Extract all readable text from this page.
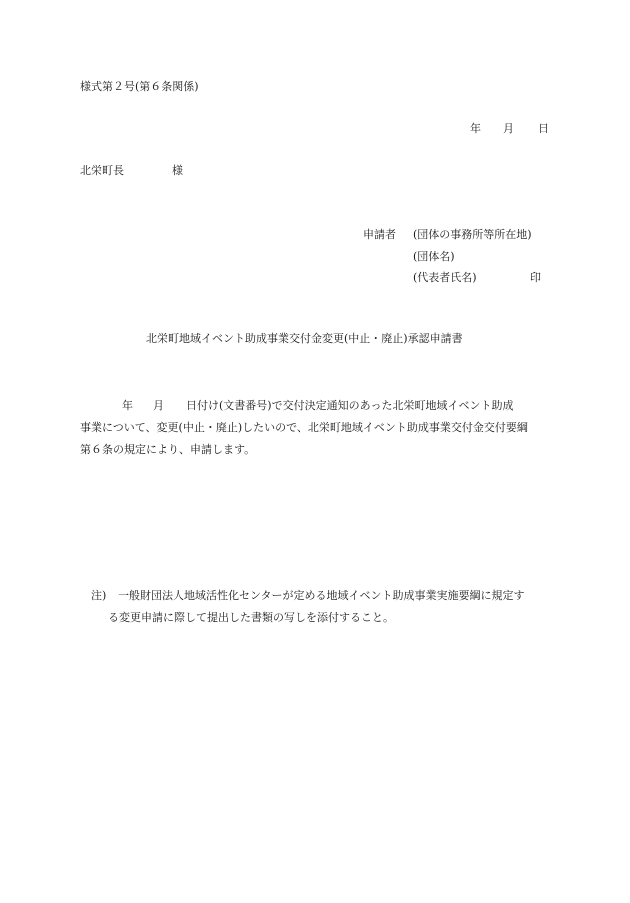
様式第２号(第６条関係)
年 月 日
北栄町長	様
申請者 (団体の事務所等所在地)
(団体名)
(代表者氏名)	印
北栄町地域イベント助成事業交付金変更(中止・廃止)承認申請書
年 月 日付け(文書番号)で交付決定通知のあった北栄町地域イベント助成
事業について、変更(中止・廃止)したいので、北栄町地域イベント助成事業交付金交付要綱
第６条の規定により、申請します。
注) 一般財団法人地域活性化センターが定める地域イベント助成事業実施要綱に規定す
る変更申請に際して提出した書類の写しを添付すること。
